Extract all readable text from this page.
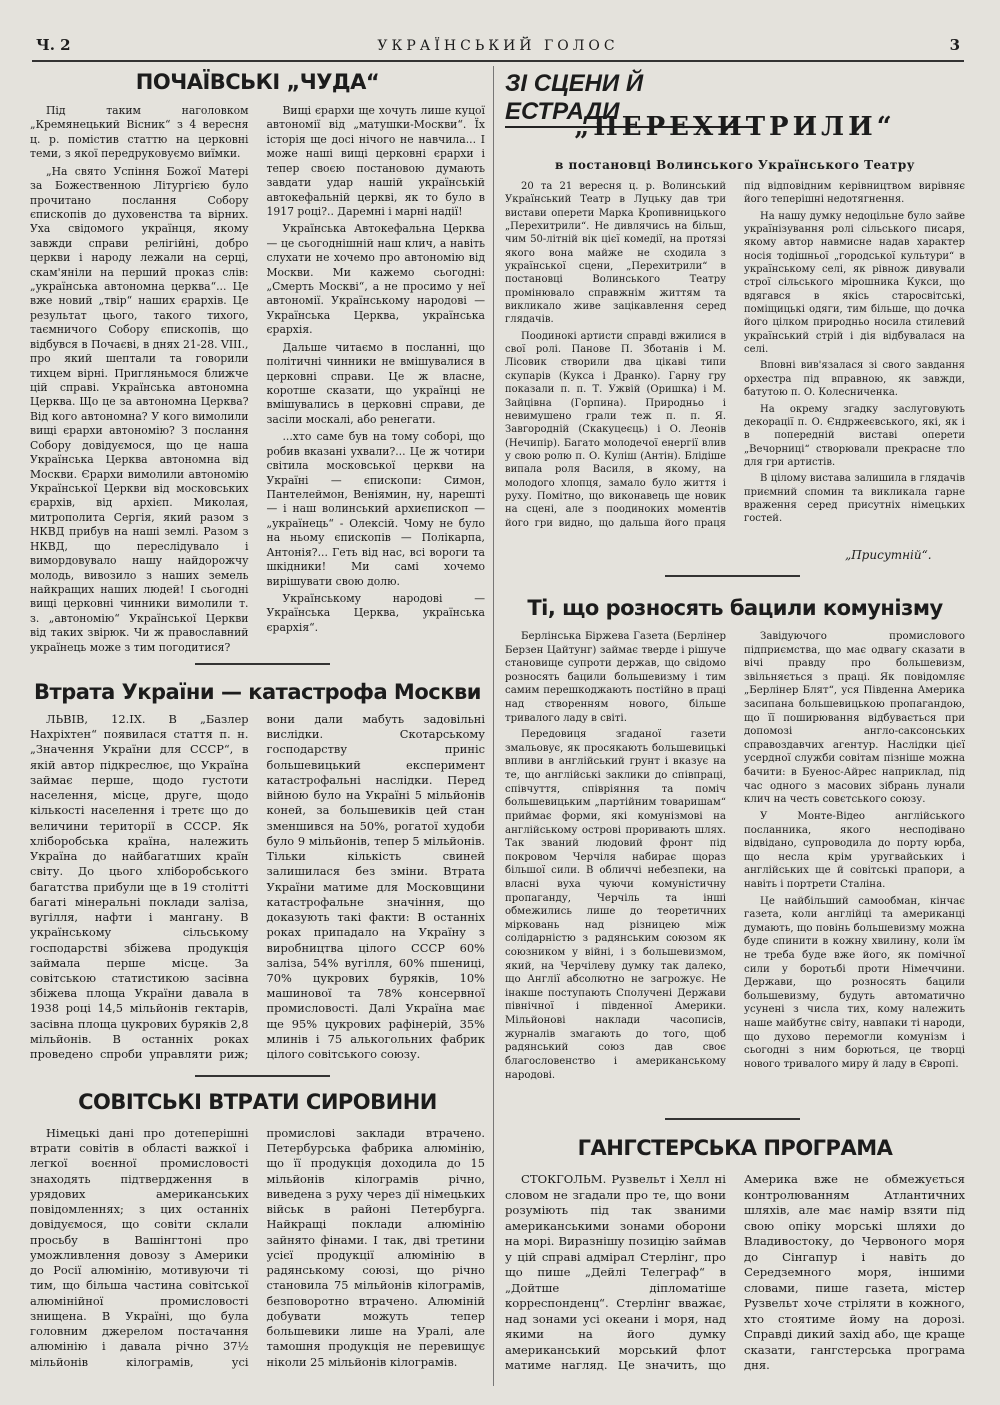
Ч. 2	УКРАЇНСЬКИЙ ГОЛОС	3
ПОЧАЇВСЬКІ „ЧУДА“

Під таким наголовком „Кремянецький Вісник“ з 4 вересня ц. р. помістив статтю на церковні теми, з якої передруковуємо виїмки.

„На свято Успіння Божої Матері за Божественною Літургією було прочитано послання Собору єпископів до духовенства та вірних. Уха свідомого українця, якому завжди справи релігійні, добро церкви і народу лежали на серці, скам'яніли на перший проказ слів: „українська автономна церква“... Це вже новий „твір“ наших єрархів. Це результат цього, такого тихого, таємничого Собору єпископів, що відбувся в Почаєві, в днях 21-28. VIII., про який шептали та говорили тихцем вірні. Пригляньмося ближче цій справі. Українська автономна Церква. Що це за автономна Церква? Від кого автономна? У кого вимолили вищі єрархи автономію? З послання Собору довідуємося, що це наша Українська Церква автономна від Москви. Єрархи вимолили автономію Української Церкви від московських єрархів, від архієп. Миколая, митрополита Сергія, який разом з НКВД прибув на наші землі. Разом з НКВД, що переслідувало і вимордовувало нашу найдорожчу молодь, вивозило з наших земель найкращих наших людей! І сьогодні вищі церковні чинники вимолили т. з. „автономію“ Української Церкви від таких звірюк. Чи ж православний українець може з тим погодитися?

Вищі єрархи ще хочуть лише куцої автономії від „матушки-Москви“. Їх історія ще досі нічого не навчила... І може наші вищі церковні єрархи і тепер своєю постановою думають завдати удар нашій українській автокефальній церкві, як то було в 1917 році?.. Даремні і марні надії!

Українська Автокефальна Церква — це сьогоднішній наш клич, а навіть слухати не хочемо про автономію від Москви. Ми кажемо сьогодні: „Смерть Москві“, а не просимо у неї автономії. Українському народові — Українська Церква, українська єрархія.

Дальше читаємо в посланні, що політичні чинники не вмішувалися в церковні справи. Це ж власне, коротше сказати, що українці не вмішувались в церковні справи, де засіли москалі, або ренегати.

...хто саме був на тому соборі, що робив вказані ухвали?... Це ж чотири світила московської церкви на Україні — єпископи: Симон, Пантелеймон, Веніямин, ну, нарешті — і наш волинський архиєпископ — „українець“ - Олексій. Чому не було на ньому єпископів — Полікарпа, Антонія?... Геть від нас, всі вороги та шкідники! Ми самі хочемо вирішувати свою долю.

Українському народові — Українська Церква, українська єрархія“.

Втрата України — катастрофа Москви

ЛЬВІВ, 12.IX. В „Базлер Нахріхтен“ появилася стаття п. н. „Значення України для СССР“, в якій автор підкреслює, що Україна займає перше, щодо густоти населення, місце, друге, щодо кількості населення і третє що до величини території в СССР. Як хліборобська країна, належить Україна до найбагатших країн світу. До цього хліборобського багатства прибули ще в 19 столітті багаті мінеральні поклади заліза, вугілля, нафти і мангану. В українському сільському господарстві збіжева продукція займала перше місце. За совітською статистикою засівна збіжева площа України давала в 1938 році 14,5 мільйонів гектарів, засівна площа цукрових буряків 2,8 мільйонів. В останніх роках проведено спроби управляти риж; вони дали мабуть задовільні вислідки. Скотарському господарству приніс большевицький експеримент катастрофальні наслідки. Перед війною було на Україні 5 мільйонів коней, за большевиків цей стан зменшився на 50%, рогатої худоби було 9 мільйонів, тепер 5 мільйонів. Тільки кількість свиней залишилася без зміни. Втрата України матиме для Московщини катастрофальне значіння, що доказують такі факти: В останніх роках припадало на Україну з виробництва цілого СССР 60% заліза, 54% вугілля, 60% пшениці, 70% цукрових буряків, 10% машинової та 78% консервної промисловості. Далі Україна має ще 95% цукрових рафінерій, 35% млинів і 75 алькогольних фабрик цілого совітського союзу.

СОВІТСЬКІ ВТРАТИ СИРОВИНИ

Німецькі дані про дотеперішні втрати совітів в області важкої і легкої воєнної промисловості знаходять підтвердження в урядових американських повідомленнях; з цих останніх довідуємося, що совіти склали просьбу в Вашінгтоні про уможливлення довозу з Америки до Росії алюмінію, мотивуючи ті тим, що більша частина совітської алюмінійної промисловості знищена. В Україні, що була головним джерелом постачання алюмінію і давала річно 37½ мільйонів кілограмів, усі промислові заклади втрачено. Петербурська фабрика алюмінію, що її продукція доходила до 15 мільйонів кілограмів річно, виведена з руху через дії німецьких військ в районі Петербурга. Найкращі поклади алюмінію зайнято фінами. І так, дві третини усієї продукції алюмінію в радянському союзі, що річно становила 75 мільйонів кілограмів, безповоротно втрачено. Алюміній добувати можуть тепер большевики лише на Уралі, але тамошня продукція не перевищує ніколи 25 мільйонів кілограмів.

ЗІ СЦЕНИ Й ЕСТРАДИ
„ПЕРЕХИТРИЛИ“
в постановці Волинського Українського Театру

20 та 21 вересня ц. р. Волинський Український Театр в Луцьку дав три вистави оперети Марка Кропивницького „Перехитрили“. Не дивлячись на більш, чим 50-літній вік цієї комедії, на протязі якого вона майже не сходила з української сцени, „Перехитрили“ в постановці Волинського Театру промінювало справжнім життям та викликало живе зацікавлення серед глядачів.

Поодинокі артисти справді вжилися в свої ролі. Панове П. Зботанів і М. Лісовик створили два цікаві типи скупарів (Кукса і Дранко). Гарну гру показали п. п. Т. Ужвій (Оришка) і М. Зайцівна (Горпина). Природньо і невимушено грали теж п. п. Я. Завгородній (Скакуцеєць) і О. Леонів (Нечипір). Багато молодечої енергії влив у свою ролю п. О. Куліш (Антін). Блідіше випала роля Василя, в якому, на молодого хлопця, замало було життя і руху. Помітно, що виконавець ще новик на сцені, але з поодиноких моментів його гри видно, що дальша його праця під відповідним керівництвом вирівняє його теперішні недотягнення.

На нашу думку недоцільне було зайве українізування ролі сільського писаря, якому автор навмисне надав характер носія тодішньої „городської культури“ в українському селі, як рівнож дивували строї сільського мірошника Кукси, що вдягався в якісь старосвітські, поміщицькі одяги, тим більше, що дочка його цілком природньо носила стилевий український стрій і дія відбувалася на селі.

Вповні вив'язалася зі свого завдання орхестра під вправною, як завжди, батутою п. О. Колесниченка.

На окрему згадку заслуговують декорації п. О. Єндржеєвського, які, як і в попередній виставі оперети „Вечорниці“ створювали прекрасне тло для гри артистів.

В цілому вистава залишила в глядачів приємний спомин та викликала гарне враження серед присутніх німецьких гостей.

„Присутній“.
Ті, що розносять бацили комунізму

Берлінська Біржева Газета (Берлінер Берзен Цайтунг) займає тверде і рішуче становище супроти держав, що свідомо розносять бацили большевизму і тим самим перешкоджають постійно в праці над створенням нового, більше тривалого ладу в світі.

Передовиця згаданої газети змальовує, як просякають большевицькі впливи в англійський грунт і вказує на те, що англійські заклики до співпраці, співчуття, співріяння та поміч большевицьким „партійним товаришам“ приймає форми, які комунізмові на англійському острові проривають шлях. Так званий людовий фронт під покровом Черчіля набирає щораз більшої сили. В обличчі небезпеки, на власні вуха чуючи комуністичну пропаганду, Черчіль та інші обмежились лише до теоретичних мірковань над різницею між солідарністю з радянським союзом як союзником у війні, і з большевизмом, який, на Черчілеву думку так далеко, що Англії абсолютно не загрожує. Не інакше поступають Сполучені Держави північної і південної Америки. Мільйонові наклади часописів, журналів змагають до того, щоб радянський союз дав своє благословенство і американському народові.

Завідуючого промислового підприємства, що має одвагу сказати в вічі правду про большевизм, звільняється з праці. Як повідомляє „Берлінер Блят“, уся Південна Америка засипана большевицькою пропагандою, що її поширювання відбувається при допомозі англо-саксонських справоздавчих агентур. Наслідки цієї усердної служби совітам пізніше можна бачити: в Буенос-Айрес наприклад, під час одного з масових зібрань лунали клич на честь совєтського союзу.

У Монте-Відео англійського посланника, якого несподівано відвідано, супроводила до порту юрба, що несла крім уругвайських і англійських ще й совітські прапори, а навіть і портрети Сталіна.

Це найбільший самообман, кінчає газета, коли англійці та американці думають, що повінь большевизму можна буде спинити в кожну хвилину, коли їм не треба буде вже його, як помічної сили у боротьбі проти Німеччини. Держави, що розносять бацили большевизму, будуть автоматично усунені з числа тих, кому належить наше майбутнє світу, навпаки ті народи, що духово перемогли комунізм і сьогодні з ним борються, це творці нового тривалого миру й ладу в Європі.

ГАНГСТЕРСЬКА ПРОГРАМА

СТОКГОЛЬМ. Рузвельт і Хелл ні словом не згадали про те, що вони розуміють під так званими американськими зонами оборони на морі. Виразнішу позицію займав у цій справі адмірал Стерлінг, про що пише „Дейлі Телеграф“ в „Дойтше діпломатіше корреспонденц“. Стерлінг вважає, над зонами усі океани і моря, над якими на його думку американський морський флот матиме нагляд. Це значить, що Америка вже не обмежується контролюванням Атлантичних шляхів, але має намір взяти під свою опіку морські шляхи до Владивостоку, до Червоного моря до Сінгапур і навіть до Середземного моря, іншими словами, пише газета, містер Рузвельт хоче стріляти в кожного, хто стоятиме йому на дорозі. Справді дикий захід або, ще краще сказати, гангстерська програма дня.
